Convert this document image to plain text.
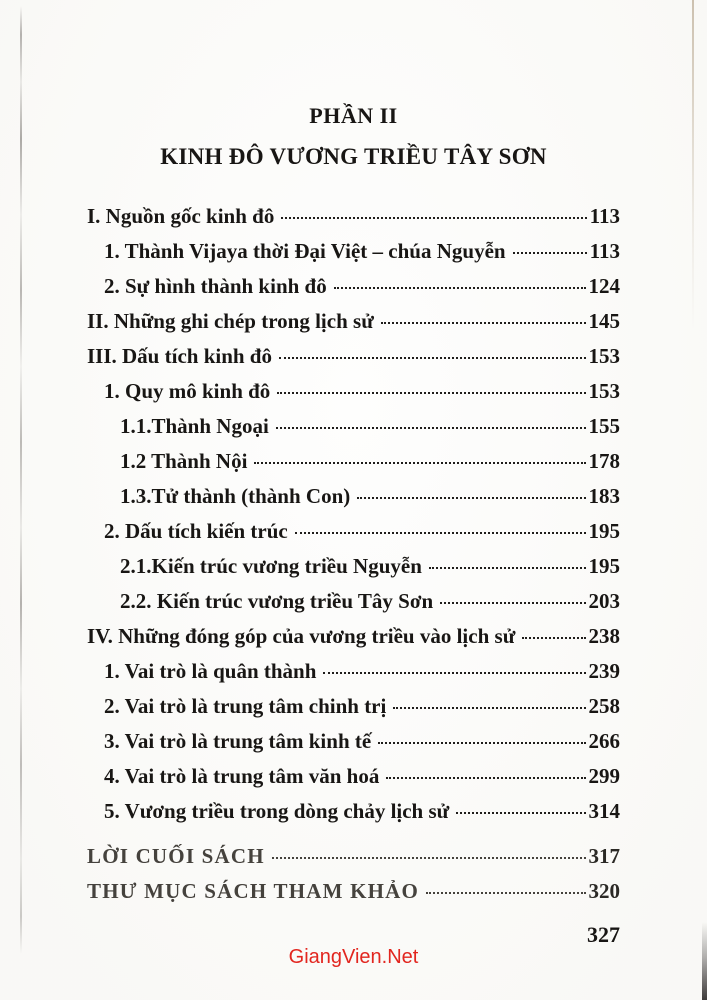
PHẦN II
KINH ĐÔ VƯƠNG TRIỀU TÂY SƠN
I. Nguồn gốc kinh đô	113
1. Thành Vijaya thời Đại Việt – chúa Nguyễn	113
2. Sự hình thành kinh đô	124
II. Những ghi chép trong lịch sử	145
III. Dấu tích kinh đô	153
1. Quy mô kinh đô	153
1.1.Thành Ngoại	155
1.2 Thành Nội	178
1.3.Tử thành (thành Con)	183
2. Dấu tích kiến trúc	195
2.1.Kiến trúc vương triều Nguyễn	195
2.2. Kiến trúc vương triều Tây Sơn	203
IV. Những đóng góp của vương triều vào lịch sử	238
1. Vai trò là quân thành	239
2. Vai trò là trung tâm chinh trị	258
3. Vai trò là trung tâm kinh tế	266
4. Vai trò là trung tâm văn hoá	299
5. Vương triều trong dòng chảy lịch sử	314
LỜI CUỐI SÁCH	317
THƯ MỤC SÁCH THAM KHẢO	320
327
GiangVien.Net
